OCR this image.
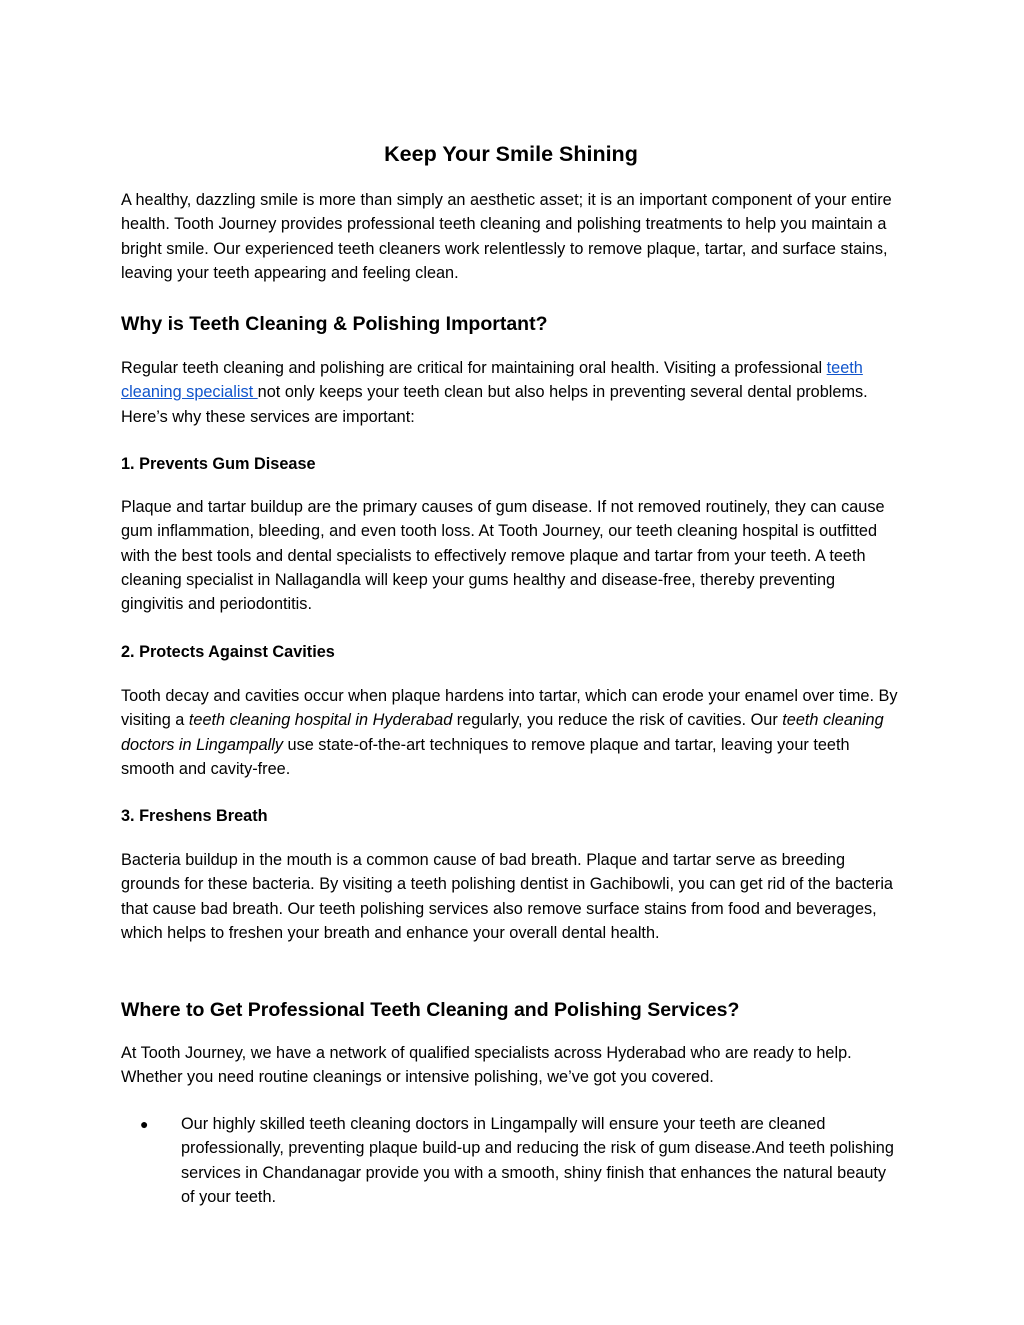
Keep Your Smile Shining

A healthy, dazzling smile is more than simply an aesthetic asset; it is an important component of your entire health. Tooth Journey provides professional teeth cleaning and polishing treatments to help you maintain a bright smile. Our experienced teeth cleaners work relentlessly to remove plaque, tartar, and surface stains, leaving your teeth appearing and feeling clean.

Why is Teeth Cleaning & Polishing Important?

Regular teeth cleaning and polishing are critical for maintaining oral health. Visiting a professional teeth cleaning specialist not only keeps your teeth clean but also helps in preventing several dental problems. Here’s why these services are important:

1. Prevents Gum Disease

Plaque and tartar buildup are the primary causes of gum disease. If not removed routinely, they can cause gum inflammation, bleeding, and even tooth loss. At Tooth Journey, our teeth cleaning hospital is outfitted with the best tools and dental specialists to effectively remove plaque and tartar from your teeth. A teeth cleaning specialist in Nallagandla will keep your gums healthy and disease-free, thereby preventing gingivitis and periodontitis.

2. Protects Against Cavities

Tooth decay and cavities occur when plaque hardens into tartar, which can erode your enamel over time. By visiting a teeth cleaning hospital in Hyderabad regularly, you reduce the risk of cavities. Our teeth cleaning doctors in Lingampally use state-of-the-art techniques to remove plaque and tartar, leaving your teeth smooth and cavity-free.

3. Freshens Breath

Bacteria buildup in the mouth is a common cause of bad breath. Plaque and tartar serve as breeding grounds for these bacteria. By visiting a teeth polishing dentist in Gachibowli, you can get rid of the bacteria that cause bad breath. Our teeth polishing services also remove surface stains from food and beverages, which helps to freshen your breath and enhance your overall dental health.

Where to Get Professional Teeth Cleaning and Polishing Services?

At Tooth Journey, we have a network of qualified specialists across Hyderabad who are ready to help. Whether you need routine cleanings or intensive polishing, we’ve got you covered.

● Our highly skilled teeth cleaning doctors in Lingampally will ensure your teeth are cleaned professionally, preventing plaque build-up and reducing the risk of gum disease.And teeth polishing services in Chandanagar provide you with a smooth, shiny finish that enhances the natural beauty of your teeth.
